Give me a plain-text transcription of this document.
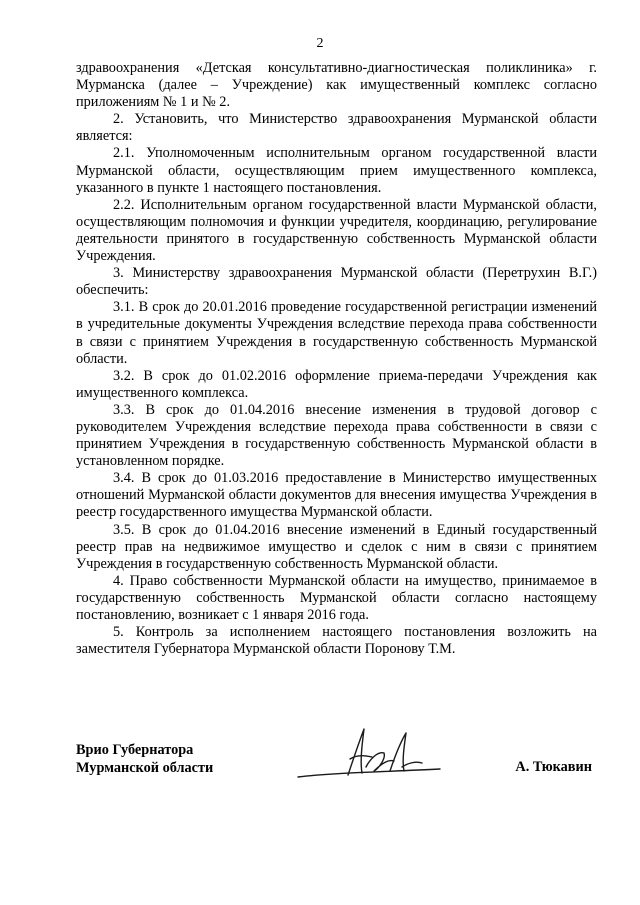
2

здравоохранения «Детская консультативно-диагностическая поликлиника» г. Мурманска (далее – Учреждение) как имущественный комплекс согласно приложениям № 1 и № 2.

2. Установить, что Министерство здравоохранения Мурманской области является:

2.1. Уполномоченным исполнительным органом государственной власти Мурманской области, осуществляющим прием имущественного комплекса, указанного в пункте 1 настоящего постановления.

2.2. Исполнительным органом государственной власти Мурманской области, осуществляющим полномочия и функции учредителя, координацию, регулирование деятельности принятого в государственную собственность Мурманской области Учреждения.

3. Министерству здравоохранения Мурманской области (Перетрухин В.Г.) обеспечить:

3.1. В срок до 20.01.2016 проведение государственной регистрации изменений в учредительные документы Учреждения вследствие перехода права собственности в связи с принятием Учреждения в государственную собственность Мурманской области.

3.2. В срок до 01.02.2016 оформление приема-передачи Учреждения как имущественного комплекса.

3.3. В срок до 01.04.2016 внесение изменения в трудовой договор с руководителем Учреждения вследствие перехода права собственности в связи с принятием Учреждения в государственную собственность Мурманской области в установленном порядке.

3.4. В срок до 01.03.2016 предоставление в Министерство имущественных отношений Мурманской области документов для внесения имущества Учреждения в реестр государственного имущества Мурманской области.

3.5. В срок до 01.04.2016 внесение изменений в Единый государственный реестр прав на недвижимое имущество и сделок с ним в связи с принятием Учреждения в государственную собственность Мурманской области.

4. Право собственности Мурманской области на имущество, принимаемое в государственную собственность Мурманской области согласно настоящему постановлению, возникает с 1 января 2016 года.

5. Контроль за исполнением настоящего постановления возложить на заместителя Губернатора Мурманской области Поронову Т.М.

Врио Губернатора
Мурманской области	А. Тюкавин
